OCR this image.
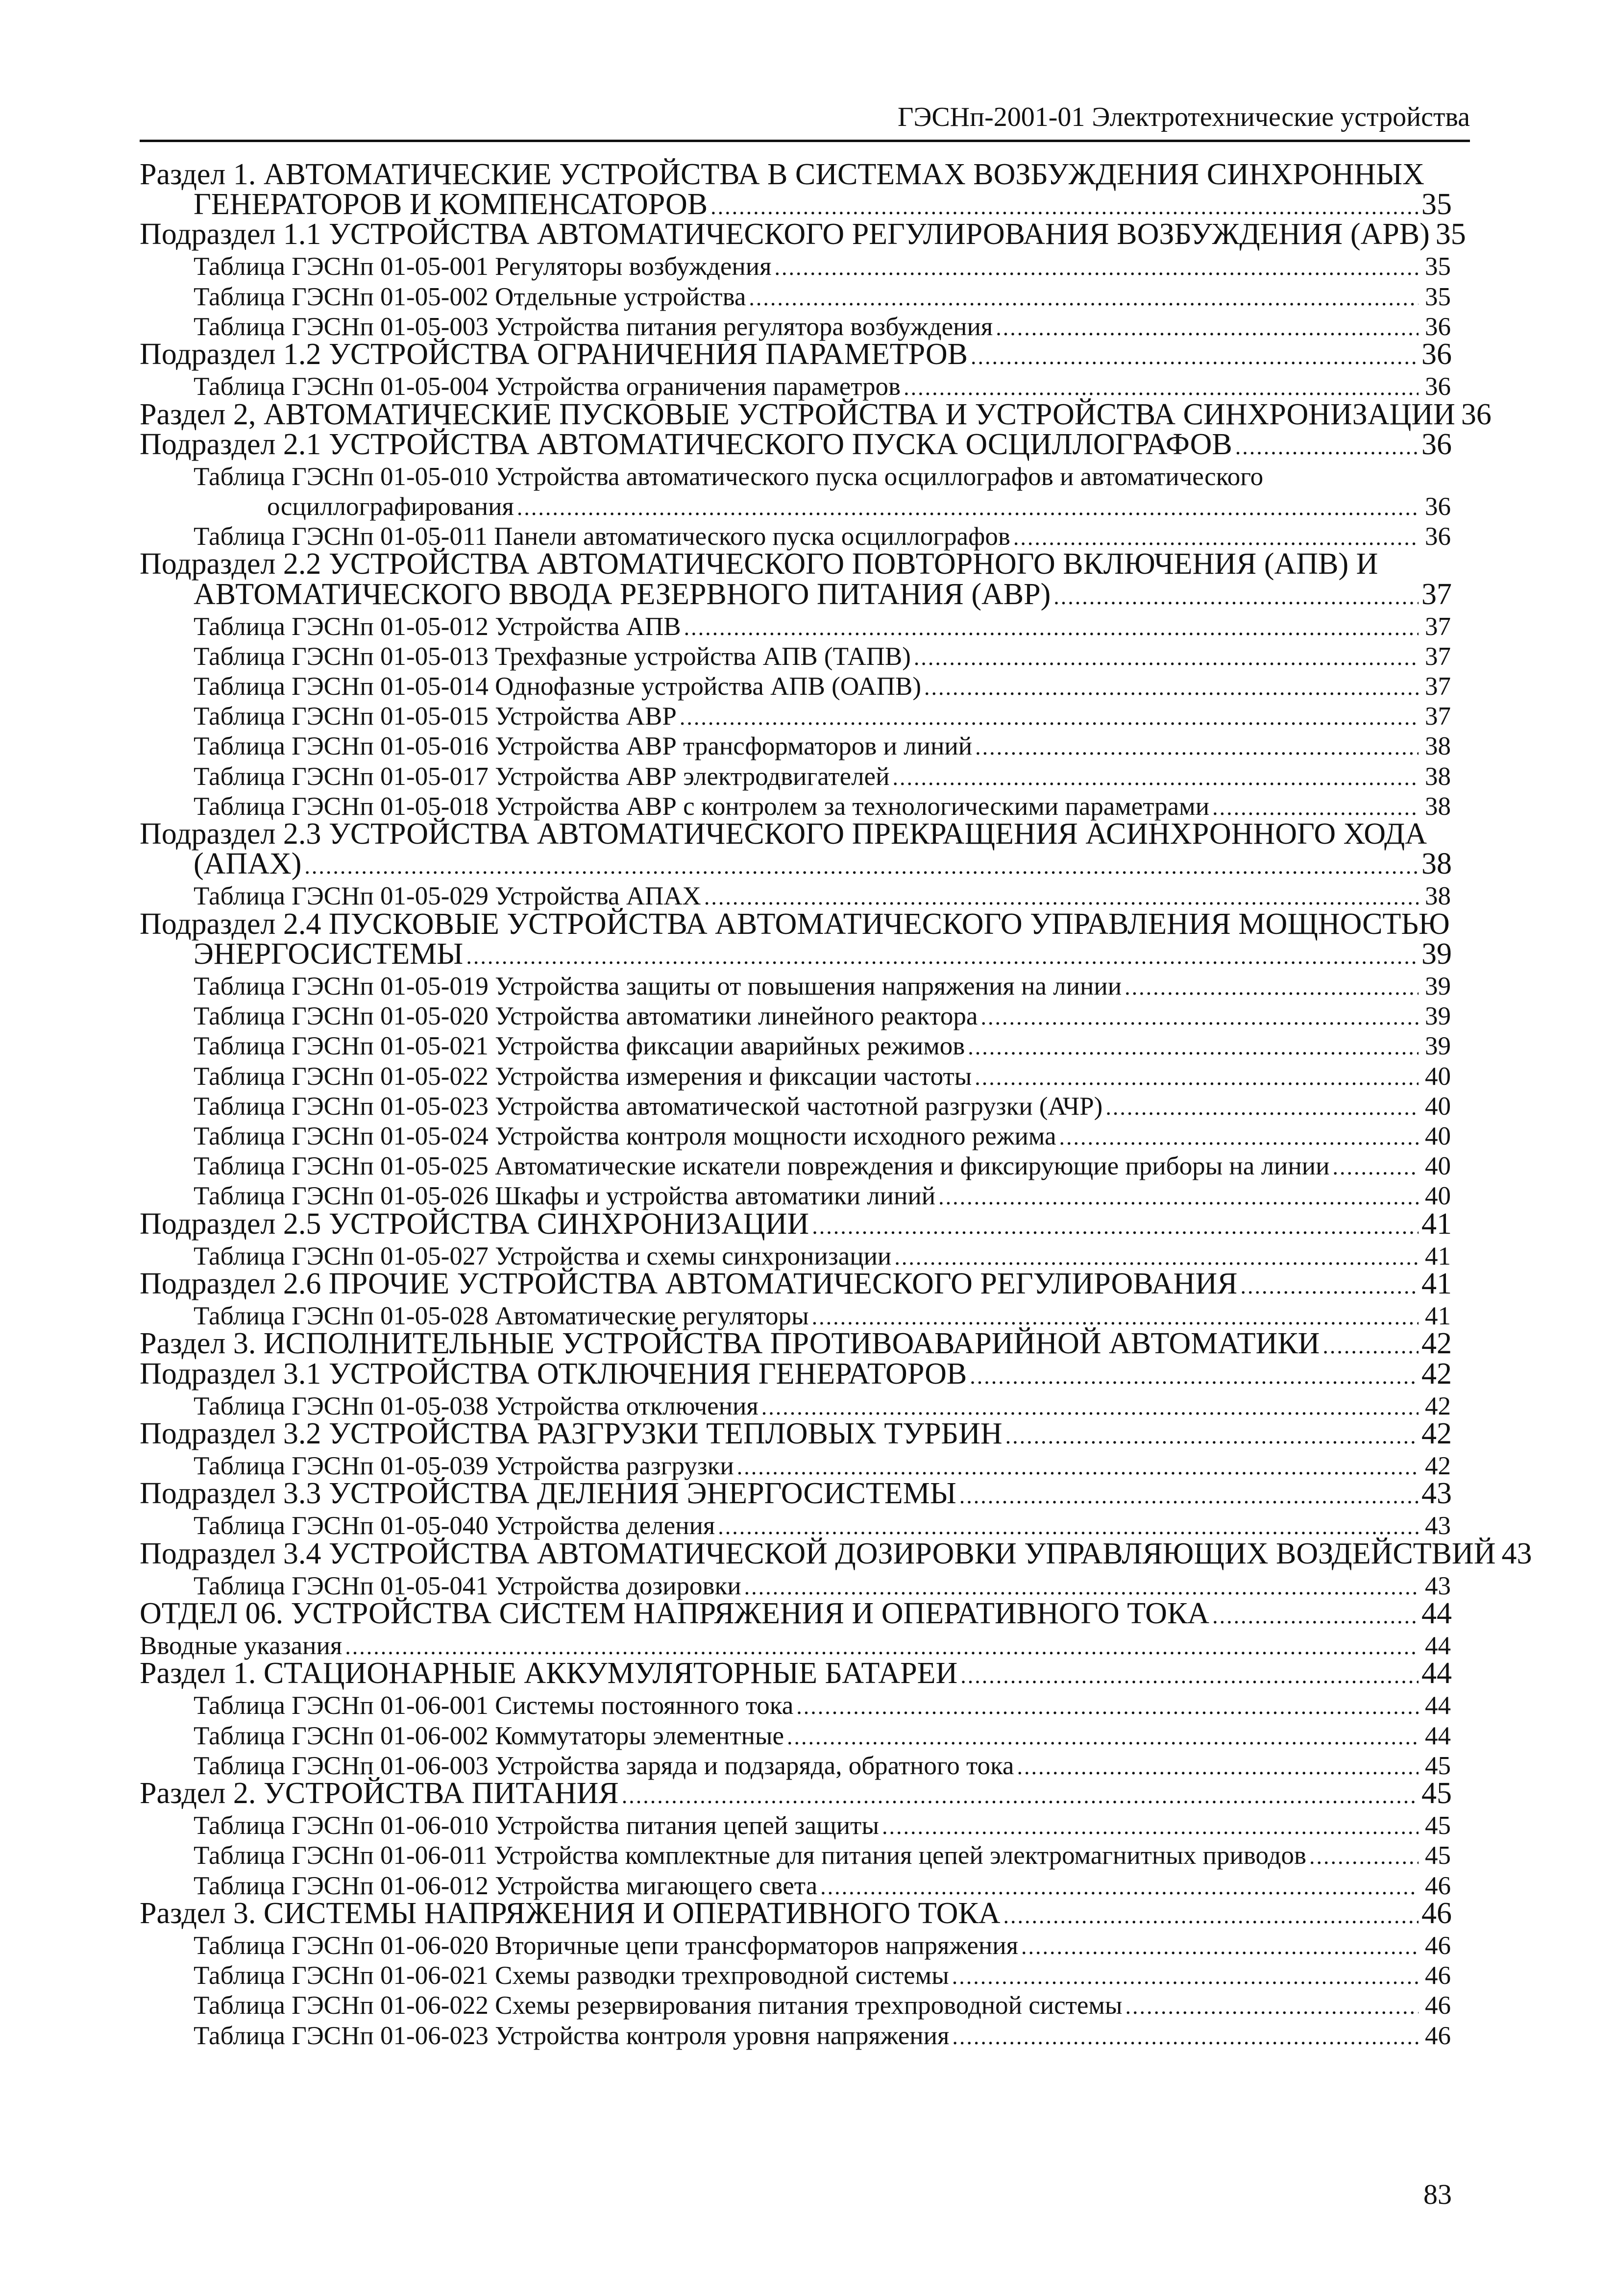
ГЭСНп-2001-01 Электротехнические устройства
Раздел 1. АВТОМАТИЧЕСКИЕ УСТРОЙСТВА В СИСТЕМАХ ВОЗБУЖДЕНИЯ СИНХРОННЫХ
ГЕНЕРАТОРОВ И КОМПЕНСАТОРОВ .....	35
Подраздел 1.1 УСТРОЙСТВА АВТОМАТИЧЕСКОГО РЕГУЛИРОВАНИЯ ВОЗБУЖДЕНИЯ (АРВ) 35
Таблица ГЭСНп 01-05-001 Регуляторы возбуждения .....	35
Таблица ГЭСНп 01-05-002 Отдельные устройства .....	35
Таблица ГЭСНп 01-05-003 Устройства питания регулятора возбуждения .....	36
Подраздел 1.2 УСТРОЙСТВА ОГРАНИЧЕНИЯ ПАРАМЕТРОВ .....	36
Таблица ГЭСНп 01-05-004 Устройства ограничения параметров .....	36
Раздел 2, АВТОМАТИЧЕСКИЕ ПУСКОВЫЕ УСТРОЙСТВА И УСТРОЙСТВА СИНХРОНИЗАЦИИ 36
Подраздел 2.1 УСТРОЙСТВА АВТОМАТИЧЕСКОГО ПУСКА ОСЦИЛЛОГРАФОВ .....	36
Таблица ГЭСНп 01-05-010 Устройства автоматического пуска осциллографов и автоматического
осциллографирования .....	36
Таблица ГЭСНп 01-05-011 Панели автоматического пуска осциллографов .....	36
Подраздел 2.2 УСТРОЙСТВА АВТОМАТИЧЕСКОГО ПОВТОРНОГО ВКЛЮЧЕНИЯ (АПВ) И
АВТОМАТИЧЕСКОГО ВВОДА РЕЗЕРВНОГО ПИТАНИЯ (АВР) .....	37
Таблица ГЭСНп 01-05-012 Устройства АПВ .....	37
Таблица ГЭСНп 01-05-013 Трехфазные устройства АПВ (ТАПВ) .....	37
Таблица ГЭСНп 01-05-014 Однофазные устройства АПВ (ОАПВ) .....	37
Таблица ГЭСНп 01-05-015 Устройства АВР .....	37
Таблица ГЭСНп 01-05-016 Устройства АВР трансформаторов и линий .....	38
Таблица ГЭСНп 01-05-017 Устройства АВР электродвигателей .....	38
Таблица ГЭСНп 01-05-018 Устройства АВР с контролем за технологическими параметрами .....	38
Подраздел 2.3 УСТРОЙСТВА АВТОМАТИЧЕСКОГО ПРЕКРАЩЕНИЯ АСИНХРОННОГО ХОДА
(АПАХ) .....	38
Таблица ГЭСНп 01-05-029 Устройства АПАХ .....	38
Подраздел 2.4 ПУСКОВЫЕ УСТРОЙСТВА АВТОМАТИЧЕСКОГО УПРАВЛЕНИЯ МОЩНОСТЬЮ
ЭНЕРГОСИСТЕМЫ .....	39
Таблица ГЭСНп 01-05-019 Устройства защиты от повышения напряжения на линии .....	39
Таблица ГЭСНп 01-05-020 Устройства автоматики линейного реактора .....	39
Таблица ГЭСНп 01-05-021 Устройства фиксации аварийных режимов .....	39
Таблица ГЭСНп 01-05-022 Устройства измерения и фиксации частоты .....	40
Таблица ГЭСНп 01-05-023 Устройства автоматической частотной разгрузки (АЧР) .....	40
Таблица ГЭСНп 01-05-024 Устройства контроля мощности исходного режима .....	40
Таблица ГЭСНп 01-05-025 Автоматические искатели повреждения и фиксирующие приборы на линии .....	40
Таблица ГЭСНп 01-05-026 Шкафы и устройства автоматики линий .....	40
Подраздел 2.5 УСТРОЙСТВА СИНХРОНИЗАЦИИ .....	41
Таблица ГЭСНп 01-05-027 Устройства и схемы синхронизации .....	41
Подраздел 2.6 ПРОЧИЕ УСТРОЙСТВА АВТОМАТИЧЕСКОГО РЕГУЛИРОВАНИЯ .....	41
Таблица ГЭСНп 01-05-028 Автоматические регуляторы .....	41
Раздел 3. ИСПОЛНИТЕЛЬНЫЕ УСТРОЙСТВА ПРОТИВОАВАРИЙНОЙ АВТОМАТИКИ .....	42
Подраздел 3.1 УСТРОЙСТВА ОТКЛЮЧЕНИЯ ГЕНЕРАТОРОВ .....	42
Таблица ГЭСНп 01-05-038 Устройства отключения .....	42
Подраздел 3.2 УСТРОЙСТВА РАЗГРУЗКИ ТЕПЛОВЫХ ТУРБИН .....	42
Таблица ГЭСНп 01-05-039 Устройства разгрузки .....	42
Подраздел 3.3 УСТРОЙСТВА ДЕЛЕНИЯ ЭНЕРГОСИСТЕМЫ .....	43
Таблица ГЭСНп 01-05-040 Устройства деления .....	43
Подраздел 3.4 УСТРОЙСТВА АВТОМАТИЧЕСКОЙ ДОЗИРОВКИ УПРАВЛЯЮЩИХ ВОЗДЕЙСТВИЙ 43
Таблица ГЭСНп 01-05-041 Устройства дозировки .....	43
ОТДЕЛ 06. УСТРОЙСТВА СИСТЕМ НАПРЯЖЕНИЯ И ОПЕРАТИВНОГО ТОКА .....	44
Вводные указания .....	44
Раздел 1. СТАЦИОНАРНЫЕ АККУМУЛЯТОРНЫЕ БАТАРЕИ .....	44
Таблица ГЭСНп 01-06-001 Системы постоянного тока .....	44
Таблица ГЭСНп 01-06-002 Коммутаторы элементные .....	44
Таблица ГЭСНп 01-06-003 Устройства заряда и подзаряда, обратного тока .....	45
Раздел 2. УСТРОЙСТВА ПИТАНИЯ .....	45
Таблица ГЭСНп 01-06-010 Устройства питания цепей защиты .....	45
Таблица ГЭСНп 01-06-011 Устройства комплектные для питания цепей электромагнитных приводов .....	45
Таблица ГЭСНп 01-06-012 Устройства мигающего света .....	46
Раздел 3. СИСТЕМЫ НАПРЯЖЕНИЯ И ОПЕРАТИВНОГО ТОКА .....	46
Таблица ГЭСНп 01-06-020 Вторичные цепи трансформаторов напряжения .....	46
Таблица ГЭСНп 01-06-021 Схемы разводки трехпроводной системы .....	46
Таблица ГЭСНп 01-06-022 Схемы резервирования питания трехпроводной системы .....	46
Таблица ГЭСНп 01-06-023 Устройства контроля уровня напряжения .....	46
83
